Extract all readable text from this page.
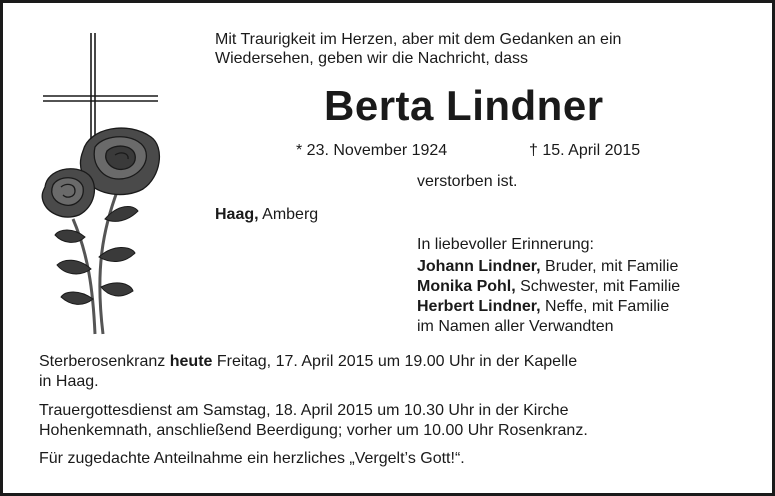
Mit Traurigkeit im Herzen, aber mit dem Gedanken an ein
Wiedersehen, geben wir die Nachricht, dass
Berta Lindner
* 23. November 1924	† 15. April 2015
verstorben ist.
Haag, Amberg
In liebevoller Erinnerung:
Johann Lindner, Bruder, mit Familie
Monika Pohl, Schwester, mit Familie
Herbert Lindner, Neffe, mit Familie
im Namen aller Verwandten
Sterberosenkranz heute Freitag, 17. April 2015 um 19.00 Uhr in der Kapelle
in Haag.
Trauergottesdienst am Samstag, 18. April 2015 um 10.30 Uhr in der Kirche
Hohenkemnath, anschließend Beerdigung; vorher um 10.00 Uhr Rosenkranz.
Für zugedachte Anteilnahme ein herzliches „Vergelt’s Gott!“.
